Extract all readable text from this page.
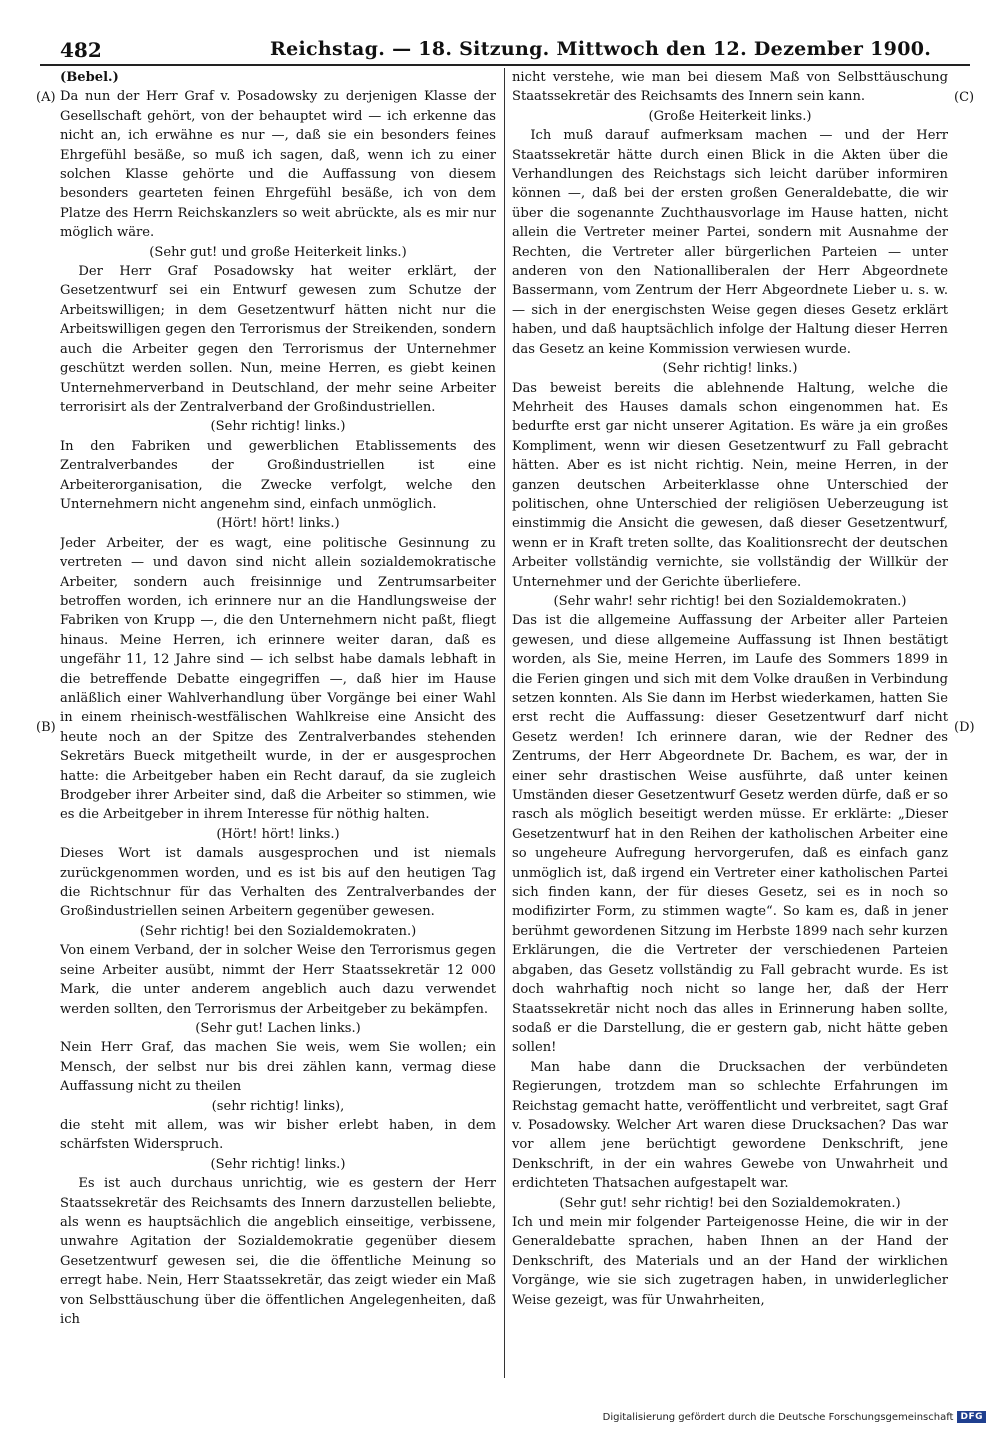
482	Reichstag. — 18. Sitzung. Mittwoch den 12. Dezember 1900.
(A)
(B)
(C)
(D)

(Bebel.)

Da nun der Herr Graf v. Posadowsky zu derjenigen Klasse der Gesellschaft gehört, von der behauptet wird — ich erkenne das nicht an, ich erwähne es nur —, daß sie ein besonders feines Ehrgefühl besäße, so muß ich sagen, daß, wenn ich zu einer solchen Klasse gehörte und die Auffassung von diesem besonders gearteten feinen Ehrgefühl besäße, ich von dem Platze des Herrn Reichskanzlers so weit abrückte, als es mir nur möglich wäre.

(Sehr gut! und große Heiterkeit links.)

Der Herr Graf Posadowsky hat weiter erklärt, der Gesetzentwurf sei ein Entwurf gewesen zum Schutze der Arbeitswilligen; in dem Gesetzentwurf hätten nicht nur die Arbeitswilligen gegen den Terrorismus der Streikenden, sondern auch die Arbeiter gegen den Terrorismus der Unternehmer geschützt werden sollen. Nun, meine Herren, es giebt keinen Unternehmerverband in Deutschland, der mehr seine Arbeiter terrorisirt als der Zentralverband der Großindustriellen.

(Sehr richtig! links.)

In den Fabriken und gewerblichen Etablissements des Zentralverbandes der Großindustriellen ist eine Arbeiterorganisation, die Zwecke verfolgt, welche den Unternehmern nicht angenehm sind, einfach unmöglich.

(Hört! hört! links.)

Jeder Arbeiter, der es wagt, eine politische Gesinnung zu vertreten — und davon sind nicht allein sozialdemokratische Arbeiter, sondern auch freisinnige und Zentrumsarbeiter betroffen worden, ich erinnere nur an die Handlungsweise der Fabriken von Krupp —, die den Unternehmern nicht paßt, fliegt hinaus. Meine Herren, ich erinnere weiter daran, daß es ungefähr 11, 12 Jahre sind — ich selbst habe damals lebhaft in die betreffende Debatte eingegriffen —, daß hier im Hause anläßlich einer Wahlverhandlung über Vorgänge bei einer Wahl in einem rheinisch-westfälischen Wahlkreise eine Ansicht des heute noch an der Spitze des Zentralverbandes stehenden Sekretärs Bueck mitgetheilt wurde, in der er ausgesprochen hatte: die Arbeitgeber haben ein Recht darauf, da sie zugleich Brodgeber ihrer Arbeiter sind, daß die Arbeiter so stimmen, wie es die Arbeitgeber in ihrem Interesse für nöthig halten.

(Hört! hört! links.)

Dieses Wort ist damals ausgesprochen und ist niemals zurückgenommen worden, und es ist bis auf den heutigen Tag die Richtschnur für das Verhalten des Zentralverbandes der Großindustriellen seinen Arbeitern gegenüber gewesen.

(Sehr richtig! bei den Sozialdemokraten.)

Von einem Verband, der in solcher Weise den Terrorismus gegen seine Arbeiter ausübt, nimmt der Herr Staatssekretär 12 000 Mark, die unter anderem angeblich auch dazu verwendet werden sollten, den Terrorismus der Arbeitgeber zu bekämpfen.

(Sehr gut! Lachen links.)

Nein Herr Graf, das machen Sie weis, wem Sie wollen; ein Mensch, der selbst nur bis drei zählen kann, vermag diese Auffassung nicht zu theilen

(sehr richtig! links),

die steht mit allem, was wir bisher erlebt haben, in dem schärfsten Widerspruch.

(Sehr richtig! links.)

Es ist auch durchaus unrichtig, wie es gestern der Herr Staatssekretär des Reichsamts des Innern darzustellen beliebte, als wenn es hauptsächlich die angeblich einseitige, verbissene, unwahre Agitation der Sozialdemokratie gegenüber diesem Gesetzentwurf gewesen sei, die die öffentliche Meinung so erregt habe. Nein, Herr Staatssekretär, das zeigt wieder ein Maß von Selbsttäuschung über die öffentlichen Angelegenheiten, daß ich

nicht verstehe, wie man bei diesem Maß von Selbsttäuschung Staatssekretär des Reichsamts des Innern sein kann.

(Große Heiterkeit links.)

Ich muß darauf aufmerksam machen — und der Herr Staatssekretär hätte durch einen Blick in die Akten über die Verhandlungen des Reichstags sich leicht darüber informiren können —, daß bei der ersten großen Generaldebatte, die wir über die sogenannte Zuchthausvorlage im Hause hatten, nicht allein die Vertreter meiner Partei, sondern mit Ausnahme der Rechten, die Vertreter aller bürgerlichen Parteien — unter anderen von den Nationalliberalen der Herr Abgeordnete Bassermann, vom Zentrum der Herr Abgeordnete Lieber u. s. w. — sich in der energischsten Weise gegen dieses Gesetz erklärt haben, und daß hauptsächlich infolge der Haltung dieser Herren das Gesetz an keine Kommission verwiesen wurde.

(Sehr richtig! links.)

Das beweist bereits die ablehnende Haltung, welche die Mehrheit des Hauses damals schon eingenommen hat. Es bedurfte erst gar nicht unserer Agitation. Es wäre ja ein großes Kompliment, wenn wir diesen Gesetzentwurf zu Fall gebracht hätten. Aber es ist nicht richtig. Nein, meine Herren, in der ganzen deutschen Arbeiterklasse ohne Unterschied der politischen, ohne Unterschied der religiösen Ueberzeugung ist einstimmig die Ansicht die gewesen, daß dieser Gesetzentwurf, wenn er in Kraft treten sollte, das Koalitionsrecht der deutschen Arbeiter vollständig vernichte, sie vollständig der Willkür der Unternehmer und der Gerichte überliefere.

(Sehr wahr! sehr richtig! bei den Sozialdemokraten.)

Das ist die allgemeine Auffassung der Arbeiter aller Parteien gewesen, und diese allgemeine Auffassung ist Ihnen bestätigt worden, als Sie, meine Herren, im Laufe des Sommers 1899 in die Ferien gingen und sich mit dem Volke draußen in Verbindung setzen konnten. Als Sie dann im Herbst wiederkamen, hatten Sie erst recht die Auffassung: dieser Gesetzentwurf darf nicht Gesetz werden! Ich erinnere daran, wie der Redner des Zentrums, der Herr Abgeordnete Dr. Bachem, es war, der in einer sehr drastischen Weise ausführte, daß unter keinen Umständen dieser Gesetzentwurf Gesetz werden dürfe, daß er so rasch als möglich beseitigt werden müsse. Er erklärte: „Dieser Gesetzentwurf hat in den Reihen der katholischen Arbeiter eine so ungeheure Aufregung hervorgerufen, daß es einfach ganz unmöglich ist, daß irgend ein Vertreter einer katholischen Partei sich finden kann, der für dieses Gesetz, sei es in noch so modifizirter Form, zu stimmen wagte“. So kam es, daß in jener berühmt gewordenen Sitzung im Herbste 1899 nach sehr kurzen Erklärungen, die die Vertreter der verschiedenen Parteien abgaben, das Gesetz vollständig zu Fall gebracht wurde. Es ist doch wahrhaftig noch nicht so lange her, daß der Herr Staatssekretär nicht noch das alles in Erinnerung haben sollte, sodaß er die Darstellung, die er gestern gab, nicht hätte geben sollen!

Man habe dann die Drucksachen der verbündeten Regierungen, trotzdem man so schlechte Erfahrungen im Reichstag gemacht hatte, veröffentlicht und verbreitet, sagt Graf v. Posadowsky. Welcher Art waren diese Drucksachen? Das war vor allem jene berüchtigt gewordene Denkschrift, jene Denkschrift, in der ein wahres Gewebe von Unwahrheit und erdichteten Thatsachen aufgestapelt war.

(Sehr gut! sehr richtig! bei den Sozialdemokraten.)

Ich und mein mir folgender Parteigenosse Heine, die wir in der Generaldebatte sprachen, haben Ihnen an der Hand der Denkschrift, des Materials und an der Hand der wirklichen Vorgänge, wie sie sich zugetragen haben, in unwiderleglicher Weise gezeigt, was für Unwahrheiten,

Digitalisierung gefördert durch die Deutsche Forschungsgemeinschaft DFG
